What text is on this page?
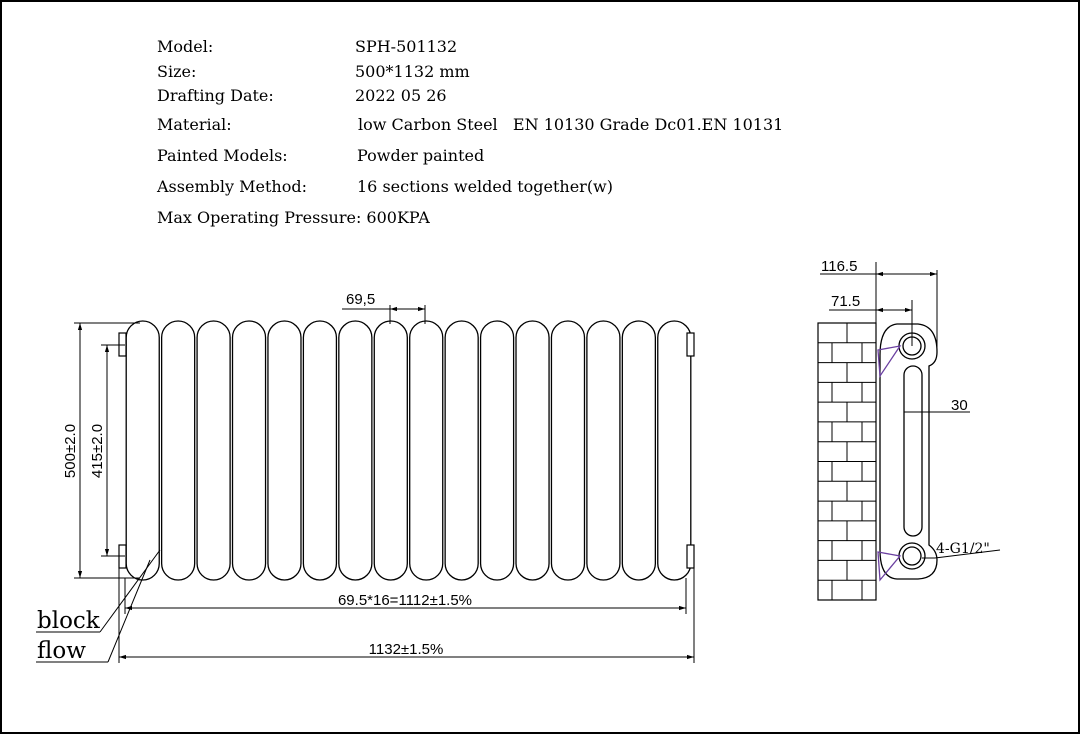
Model:	SPH-501132
Size:	500*1132 mm
Drafting Date:	2022 05 26
Material:	low Carbon Steel   EN 10130 Grade Dc01.EN 10131
Painted Models:	Powder painted
Assembly Method:	16 sections welded together(w)
Max Operating Pressure: 600KPA
500±2.0 415±2.0
69,5
69.5*16=1112±1.5%
1132±1.5%
block
flow
116.5
71.5
30
4-G1/2"
